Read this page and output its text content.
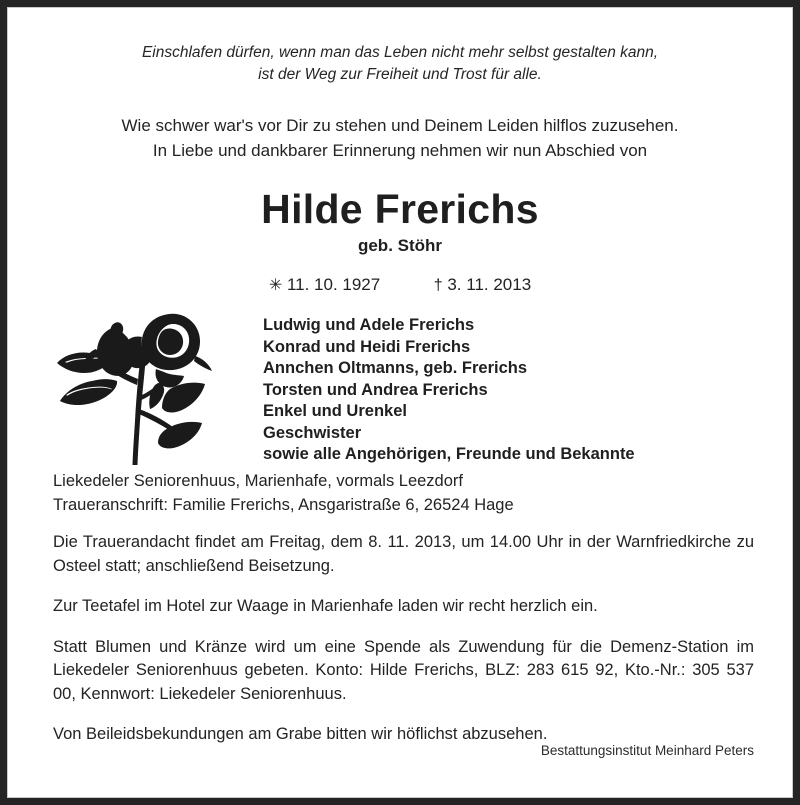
Einschlafen dürfen, wenn man das Leben nicht mehr selbst gestalten kann,
ist der Weg zur Freiheit und Trost für alle.
Wie schwer war's vor Dir zu stehen und Deinem Leiden hilflos zuzusehen.
In Liebe und dankbarer Erinnerung nehmen wir nun Abschied von
Hilde Frerichs
geb. Stöhr
✳ 11. 10. 1927	† 3. 11. 2013
Ludwig und Adele Frerichs
Konrad und Heidi Frerichs
Annchen Oltmanns, geb. Frerichs
Torsten und Andrea Frerichs
Enkel und Urenkel
Geschwister
sowie alle Angehörigen, Freunde und Bekannte
Liekedeler Seniorenhuus, Marienhafe, vormals Leezdorf
Traueranschrift: Familie Frerichs, Ansgaristraße 6, 26524 Hage
Die Trauerandacht findet am Freitag, dem 8. 11. 2013, um 14.00 Uhr in der Warnfriedkirche zu Osteel statt; anschließend Beisetzung.
Zur Teetafel im Hotel zur Waage in Marienhafe laden wir recht herzlich ein.
Statt Blumen und Kränze wird um eine Spende als Zuwendung für die Demenz-Station im Liekedeler Seniorenhuus gebeten. Konto: Hilde Frerichs, BLZ: 283 615 92, Kto.-Nr.: 305 537 00, Kennwort: Liekedeler Seniorenhuus.
Von Beileidsbekundungen am Grabe bitten wir höflichst abzusehen.
Bestattungsinstitut Meinhard Peters
